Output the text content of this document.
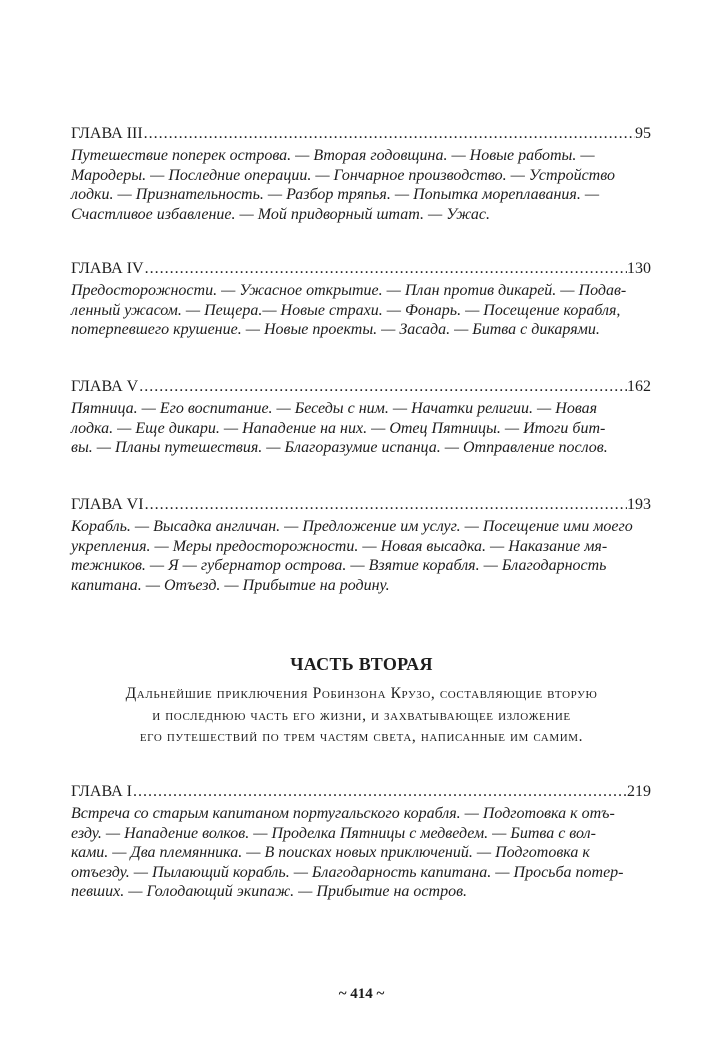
ГЛАВА III .....	95
Путешествие поперек острова. — Вторая годовщина. — Новые работы. —
Мародеры. — Последние операции. — Гончарное производство. — Устройство
лодки. — Признательность. — Разбор тряпья. — Попытка мореплавания. —
Счастливое избавление. — Мой придворный штат. — Ужас.
ГЛАВА IV .....	130
Предосторожности. — Ужасное открытие. — План против дикарей. — Подав-
ленный ужасом. — Пещера.— Новые страхи. — Фонарь. — Посещение корабля,
потерпевшего крушение. — Новые проекты. — Засада. — Битва с дикарями.
ГЛАВА V .....	162
Пятница. — Его воспитание. — Беседы с ним. — Начатки религии. — Новая
лодка. — Еще дикари. — Нападение на них. — Отец Пятницы. — Итоги бит-
вы. — Планы путешествия. — Благоразумие испанца. — Отправление послов.
ГЛАВА VI .....	193
Корабль. — Высадка англичан. — Предложение им услуг. — Посещение ими моего
укрепления. — Меры предосторожности. — Новая высадка. — Наказание мя-
тежников. — Я — губернатор острова. — Взятие корабля. — Благодарность
капитана. — Отъезд. — Прибытие на родину.
ЧАСТЬ ВТОРАЯ
Дальнейшие приключения Робинзона Крузо, составляющие вторую
и последнюю часть его жизни, и захватывающее изложение
его путешествий по трем частям света, написанные им самим.
ГЛАВА I .....	219
Встреча со старым капитаном португальского корабля. — Подготовка к отъ-
езду. — Нападение волков. — Проделка Пятницы с медведем. — Битва с вол-
ками. — Два племянника. — В поисках новых приключений. — Подготовка к
отъезду. — Пылающий корабль. — Благодарность капитана. — Просьба потер-
певших. — Голодающий экипаж. — Прибытие на остров.
~ 414 ~
